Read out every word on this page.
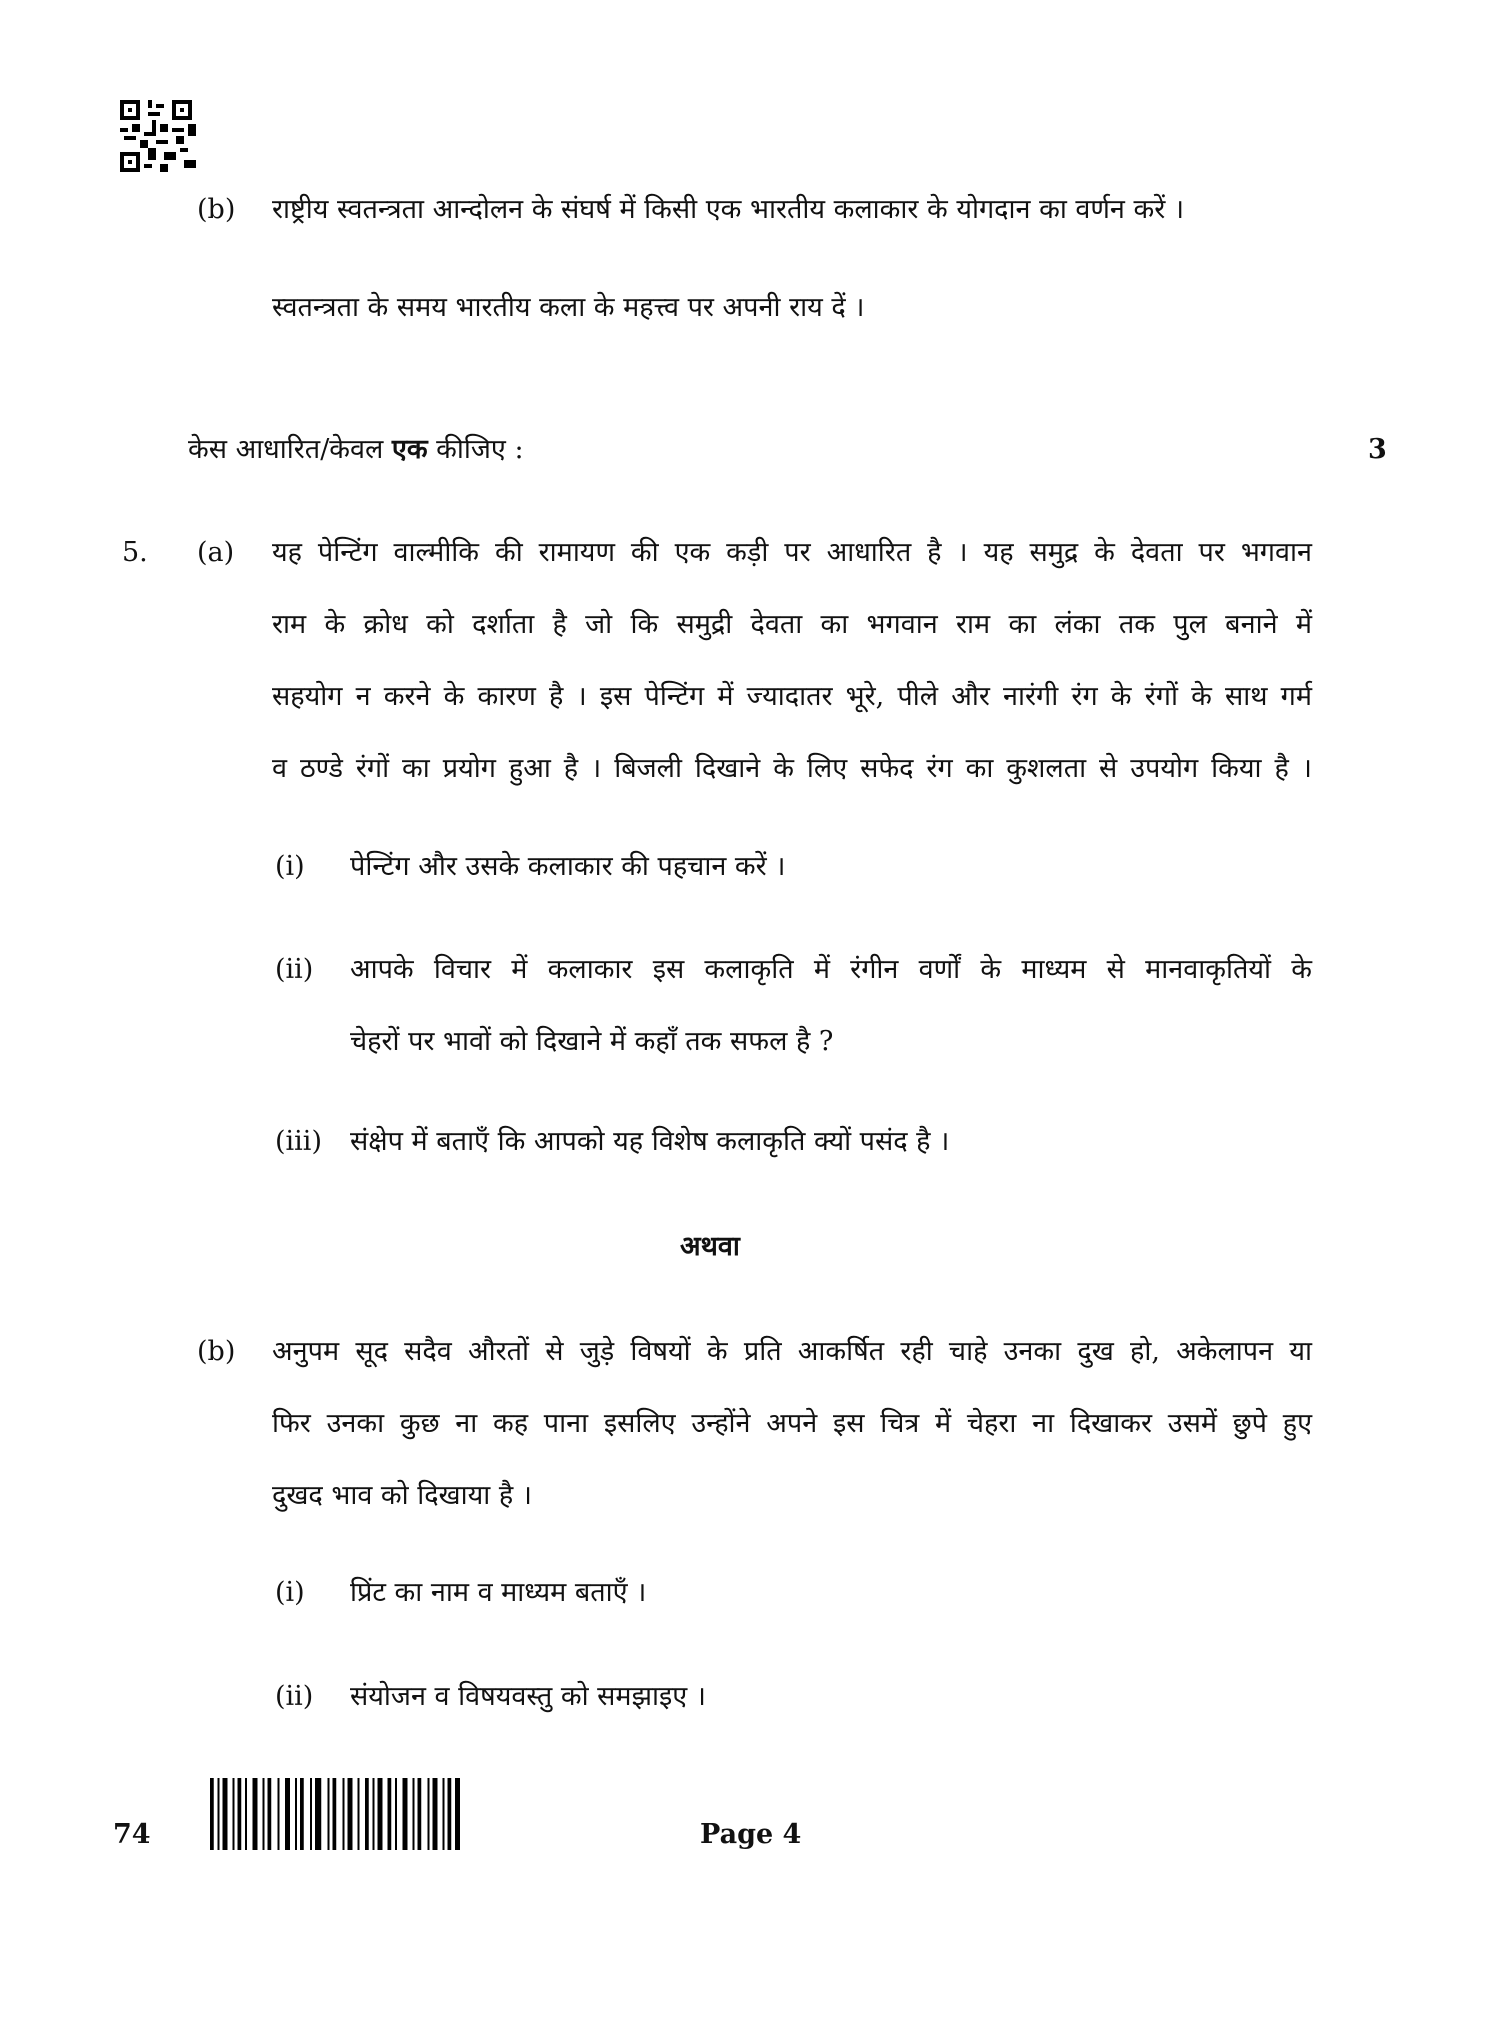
(b) राष्ट्रीय स्वतन्त्रता आन्दोलन के संघर्ष में किसी एक भारतीय कलाकार के योगदान का वर्णन करें ।
स्वतन्त्रता के समय भारतीय कला के महत्त्व पर अपनी राय दें ।
केस आधारित/केवल एक कीजिए :	3
5. (a) यह पेन्टिंग वाल्मीकि की रामायण की एक कड़ी पर आधारित है । यह समुद्र के देवता पर भगवान
राम के क्रोध को दर्शाता है जो कि समुद्री देवता का भगवान राम का लंका तक पुल बनाने में
सहयोग न करने के कारण है । इस पेन्टिंग में ज्यादातर भूरे, पीले और नारंगी रंग के रंगों के साथ गर्म
व ठण्डे रंगों का प्रयोग हुआ है । बिजली दिखाने के लिए सफेद रंग का कुशलता से उपयोग किया है ।
(i) पेन्टिंग और उसके कलाकार की पहचान करें ।
(ii) आपके विचार में कलाकार इस कलाकृति में रंगीन वर्णों के माध्यम से मानवाकृतियों के
चेहरों पर भावों को दिखाने में कहाँ तक सफल है ?
(iii) संक्षेप में बताएँ कि आपको यह विशेष कलाकृति क्यों पसंद है ।
अथवा
(b) अनुपम सूद सदैव औरतों से जुड़े विषयों के प्रति आकर्षित रही चाहे उनका दुख हो, अकेलापन या
फिर उनका कुछ ना कह पाना इसलिए उन्होंने अपने इस चित्र में चेहरा ना दिखाकर उसमें छुपे हुए
दुखद भाव को दिखाया है ।
(i) प्रिंट का नाम व माध्यम बताएँ ।
(ii) संयोजन व विषयवस्तु को समझाइए ।
74	Page 4
